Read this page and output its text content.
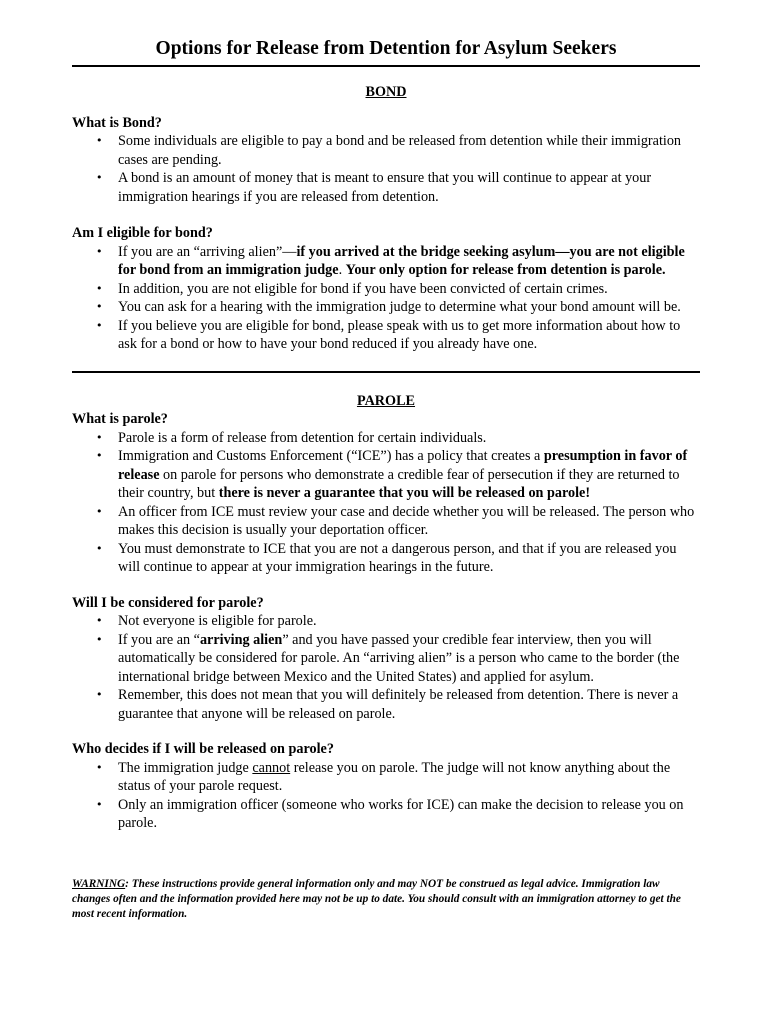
Options for Release from Detention for Asylum Seekers

BOND

What is Bond?

• Some individuals are eligible to pay a bond and be released from detention while their immigration cases are pending.
• A bond is an amount of money that is meant to ensure that you will continue to appear at your immigration hearings if you are released from detention.

Am I eligible for bond?

• If you are an “arriving alien”—if you arrived at the bridge seeking asylum—you are not eligible for bond from an immigration judge. Your only option for release from detention is parole.
• In addition, you are not eligible for bond if you have been convicted of certain crimes.
• You can ask for a hearing with the immigration judge to determine what your bond amount will be.
• If you believe you are eligible for bond, please speak with us to get more information about how to ask for a bond or how to have your bond reduced if you already have one.

PAROLE

What is parole?

• Parole is a form of release from detention for certain individuals.
• Immigration and Customs Enforcement (“ICE”) has a policy that creates a presumption in favor of release on parole for persons who demonstrate a credible fear of persecution if they are returned to their country, but there is never a guarantee that you will be released on parole!
• An officer from ICE must review your case and decide whether you will be released. The person who makes this decision is usually your deportation officer.
• You must demonstrate to ICE that you are not a dangerous person, and that if you are released you will continue to appear at your immigration hearings in the future.

Will I be considered for parole?

• Not everyone is eligible for parole.
• If you are an “arriving alien” and you have passed your credible fear interview, then you will automatically be considered for parole. An “arriving alien” is a person who came to the border (the international bridge between Mexico and the United States) and applied for asylum.
• Remember, this does not mean that you will definitely be released from detention. There is never a guarantee that anyone will be released on parole.

Who decides if I will be released on parole?

• The immigration judge cannot release you on parole. The judge will not know anything about the status of your parole request.
• Only an immigration officer (someone who works for ICE) can make the decision to release you on parole.

WARNING: These instructions provide general information only and may NOT be construed as legal advice. Immigration law changes often and the information provided here may not be up to date. You should consult with an immigration attorney to get the most recent information.
